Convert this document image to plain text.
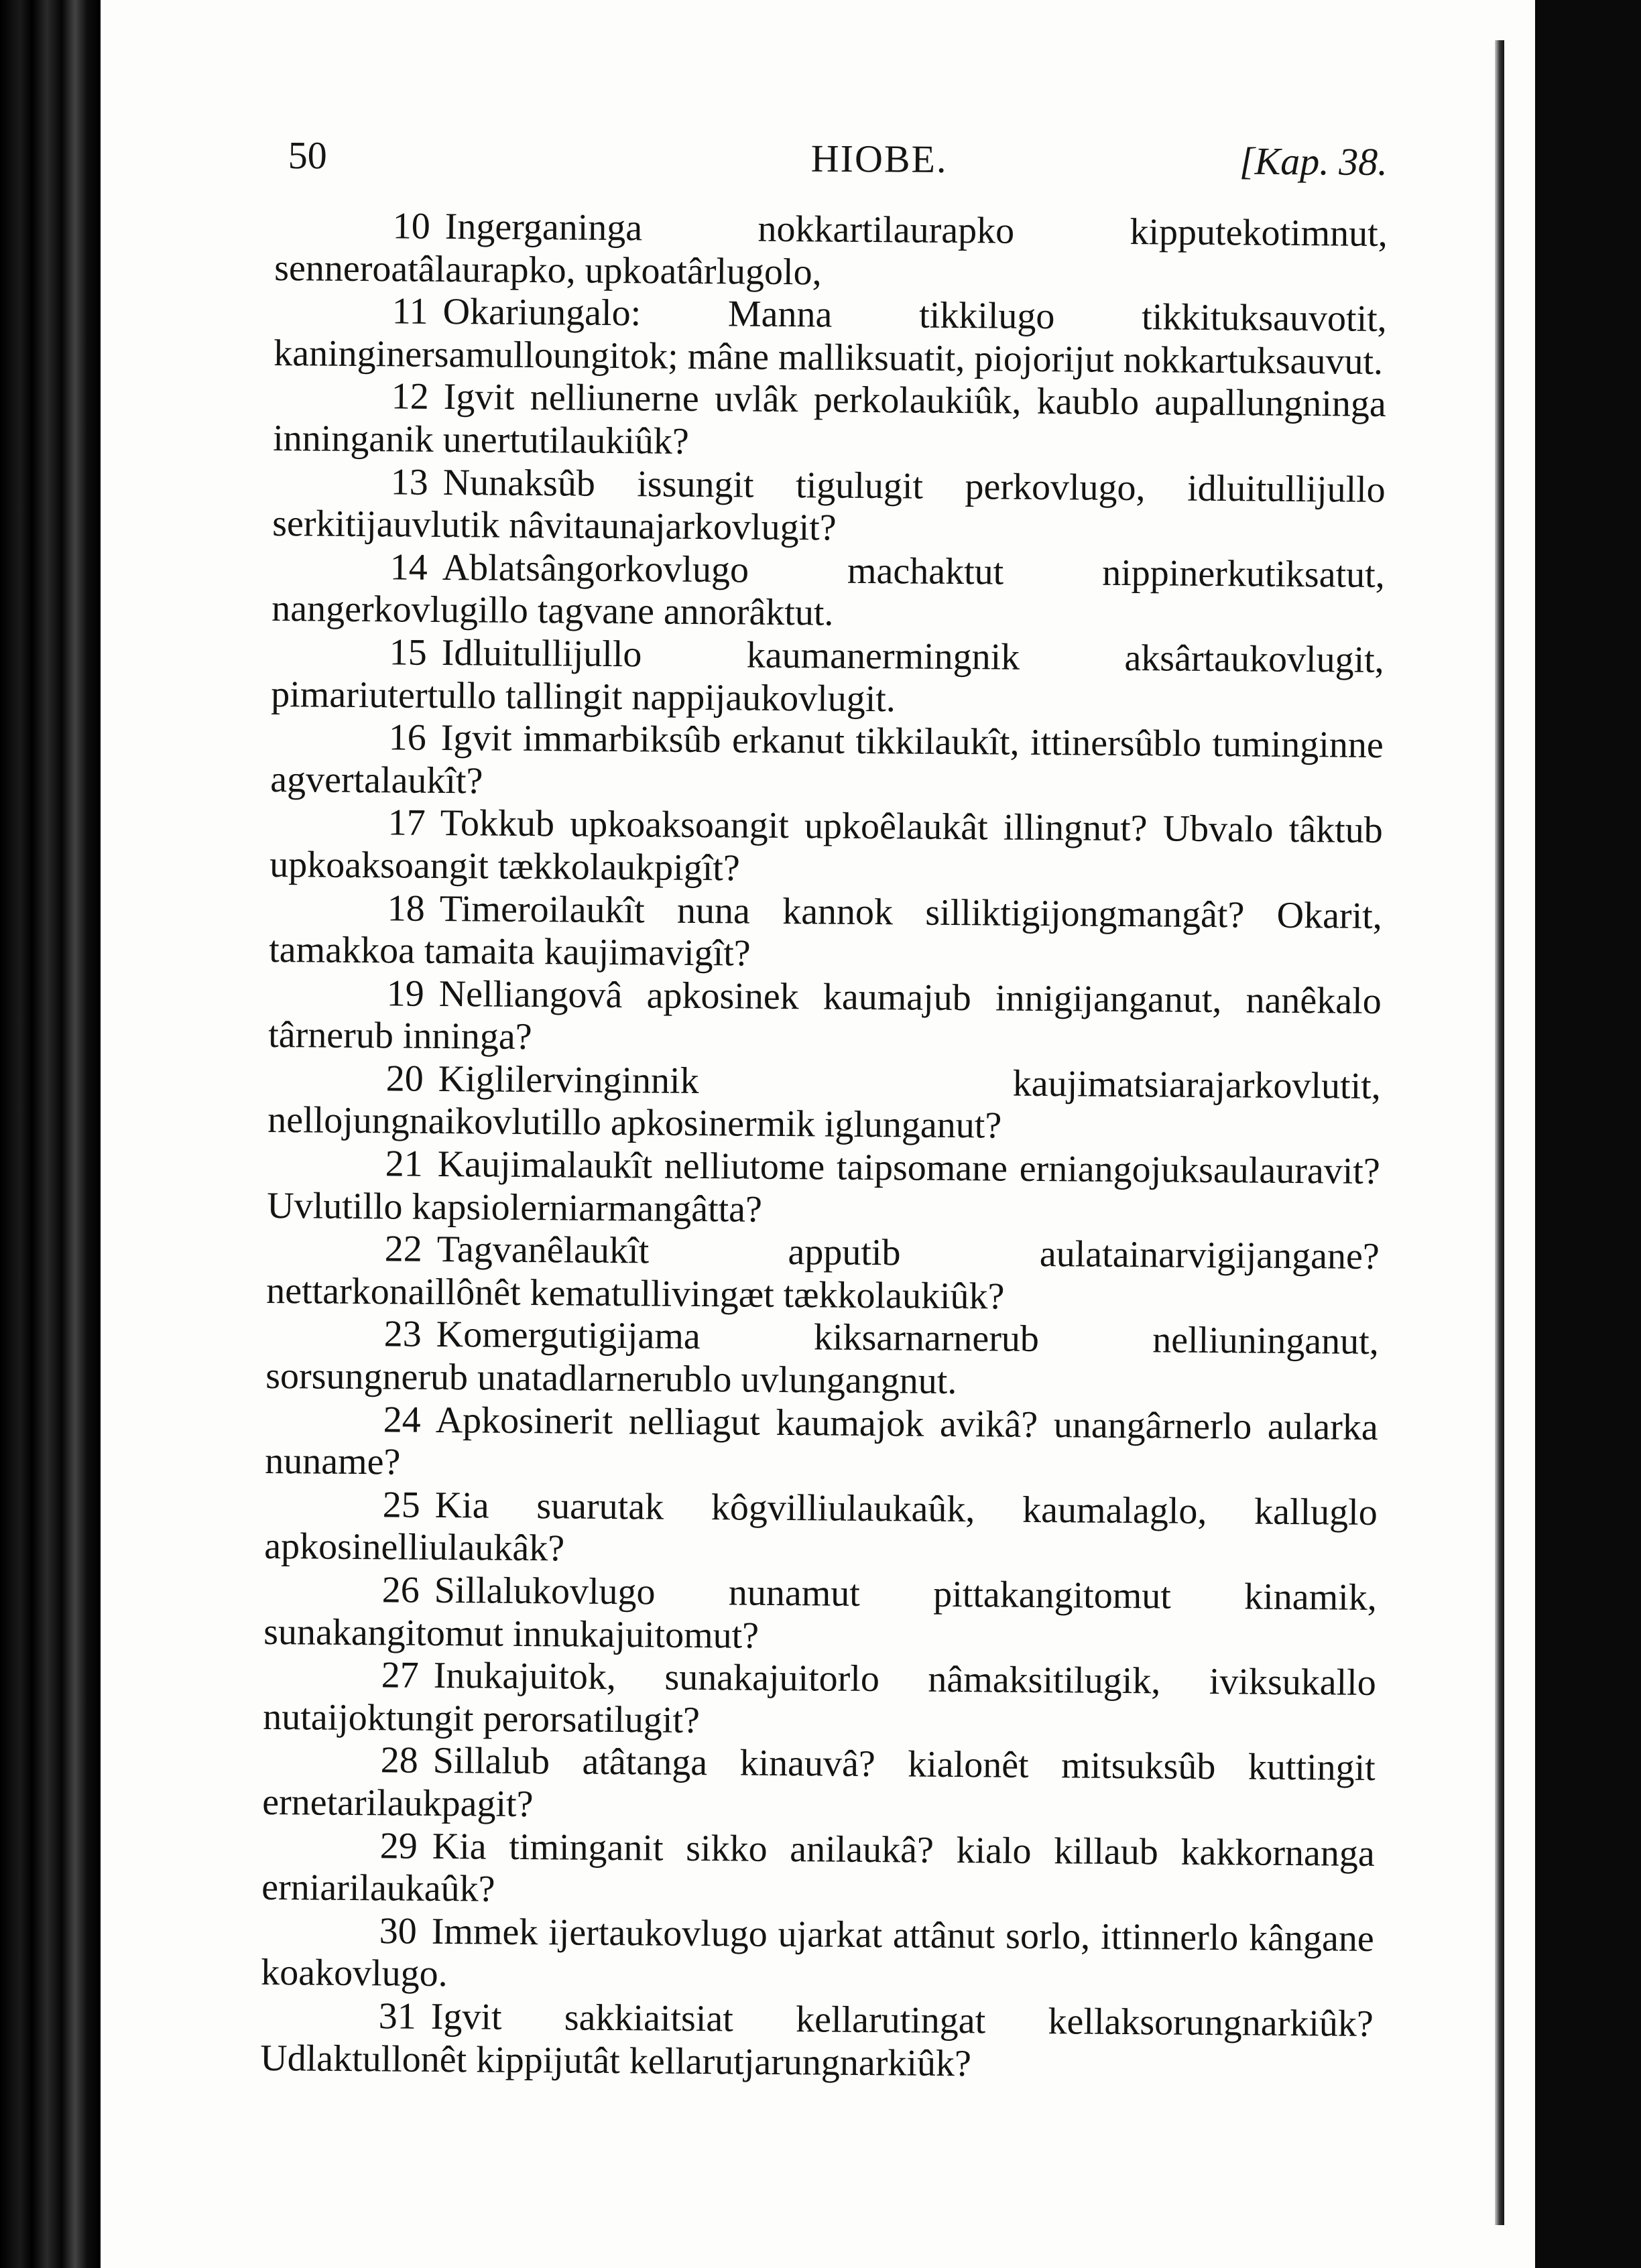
50	HIOBE.	[Kap. 38.

10 Ingerganinga nokkartilaurapko kipputekotimnut, senneroatâlaurapko, upkoatârlugolo,

11 Okariungalo: Manna tikkilugo tikkituksauvotit, kaninginersamulloungitok; mâne malliksuatit, piojorijut nokkartuksauvut.

12 Igvit nelliunerne uvlâk perkolaukiûk, kaublo aupallungninga inninganik unertutilaukiûk?

13 Nunaksûb issungit tigulugit perkovlugo, idluitullijullo serkitijauvlutik nâvitaunajarkovlugit?

14 Ablatsângorkovlugo machaktut nippinerkutiksatut, nangerkovlugillo tagvane annorâktut.

15 Idluitullijullo kaumanermingnik aksârtaukovlugit, pimariutertullo tallingit nappijaukovlugit.

16 Igvit immarbiksûb erkanut tikkilaukît, ittinersûblo tuminginne agvertalaukît?

17 Tokkub upkoaksoangit upkoêlaukât illingnut? Ubvalo tâktub upkoaksoangit tækkolaukpigît?

18 Timeroilaukît nuna kannok silliktigijongmangât? Okarit, tamakkoa tamaita kaujimavigît?

19 Nelliangovâ apkosinek kaumajub innigijanganut, nanêkalo târnerub inninga?

20 Kiglilervinginnik kaujimatsiarajarkovlutit, nellojungnaikovlutillo apkosinermik iglunganut?

21 Kaujimalaukît nelliutome taipsomane erniangojuksaulauravit? Uvlutillo kapsiolerniarmangâtta?

22 Tagvanêlaukît apputib aulatainarvigijangane? nettarkonaillônêt kematullivingæt tækkolaukiûk?

23 Komergutigijama kiksarnarnerub nelliuninganut, sorsungnerub unatadlarnerublo uvlungangnut.

24 Apkosinerit nelliagut kaumajok avikâ? unangârnerlo aularka nuname?

25 Kia suarutak kôgvilliulaukaûk, kaumalaglo, kalluglo apkosinelliulaukâk?

26 Sillalukovlugo nunamut pittakangitomut kinamik, sunakangitomut innukajuitomut?

27 Inukajuitok, sunakajuitorlo nâmaksitilugik, iviksukallo nutaijoktungit perorsatilugit?

28 Sillalub atâtanga kinauvâ? kialonêt mitsuksûb kuttingit ernetarilaukpagit?

29 Kia timinganit sikko anilaukâ? kialo killaub kakkornanga erniarilaukaûk?

30 Immek ijertaukovlugo ujarkat attânut sorlo, ittinnerlo kângane koakovlugo.

31 Igvit sakkiaitsiat kellarutingat kellaksorungnarkiûk? Udlaktullonêt kippijutât kellarutjarungnarkiûk?
